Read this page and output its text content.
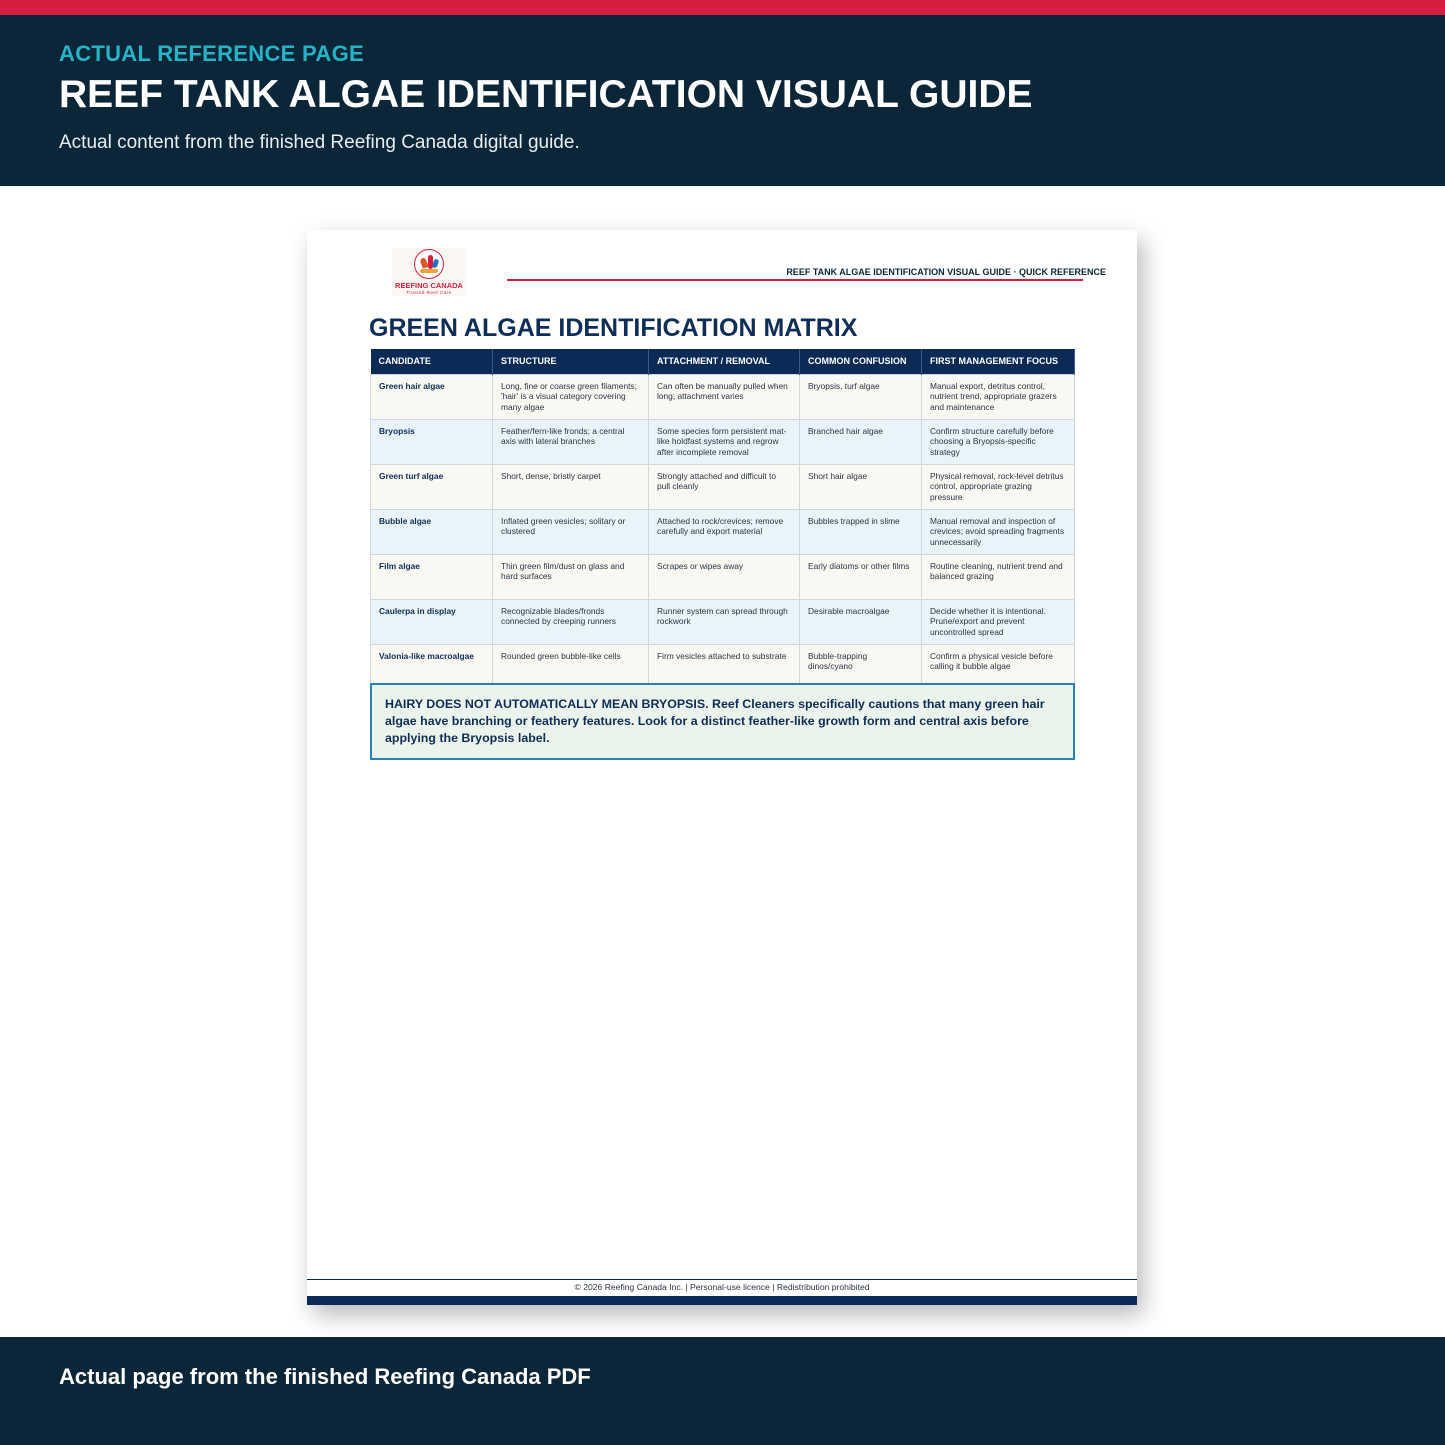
ACTUAL REFERENCE PAGE
REEF TANK ALGAE IDENTIFICATION VISUAL GUIDE
Actual content from the finished Reefing Canada digital guide.
REEFING CANADA
Trusted Reef Care
REEF TANK ALGAE IDENTIFICATION VISUAL GUIDE · QUICK REFERENCE
GREEN ALGAE IDENTIFICATION MATRIX
CANDIDATE	STRUCTURE	ATTACHMENT / REMOVAL	COMMON CONFUSION	FIRST MANAGEMENT FOCUS
Green hair algae	Long, fine or coarse green filaments; 'hair' is a visual category covering many algae	Can often be manually pulled when long; attachment varies	Bryopsis, turf algae	Manual export, detritus control, nutrient trend, appropriate grazers and maintenance
Bryopsis	Feather/fern-like fronds; a central axis with lateral branches	Some species form persistent mat-like holdfast systems and regrow after incomplete removal	Branched hair algae	Confirm structure carefully before choosing a Bryopsis-specific strategy
Green turf algae	Short, dense, bristly carpet	Strongly attached and difficult to pull cleanly	Short hair algae	Physical removal, rock-level detritus control, appropriate grazing pressure
Bubble algae	Inflated green vesicles; solitary or clustered	Attached to rock/crevices; remove carefully and export material	Bubbles trapped in slime	Manual removal and inspection of crevices; avoid spreading fragments unnecessarily
Film algae	Thin green film/dust on glass and hard surfaces	Scrapes or wipes away	Early diatoms or other films	Routine cleaning, nutrient trend and balanced grazing
Caulerpa in display	Recognizable blades/fronds connected by creeping runners	Runner system can spread through rockwork	Desirable macroalgae	Decide whether it is intentional. Prune/export and prevent uncontrolled spread
Valonia-like macroalgae	Rounded green bubble-like cells	Firm vesicles attached to substrate	Bubble-trapping dinos/cyano	Confirm a physical vesicle before calling it bubble algae
HAIRY DOES NOT AUTOMATICALLY MEAN BRYOPSIS. Reef Cleaners specifically cautions that many green hair algae have branching or feathery features. Look for a distinct feather-like growth form and central axis before applying the Bryopsis label.
© 2026 Reefing Canada Inc. | Personal-use licence | Redistribution prohibited
Actual page from the finished Reefing Canada PDF
